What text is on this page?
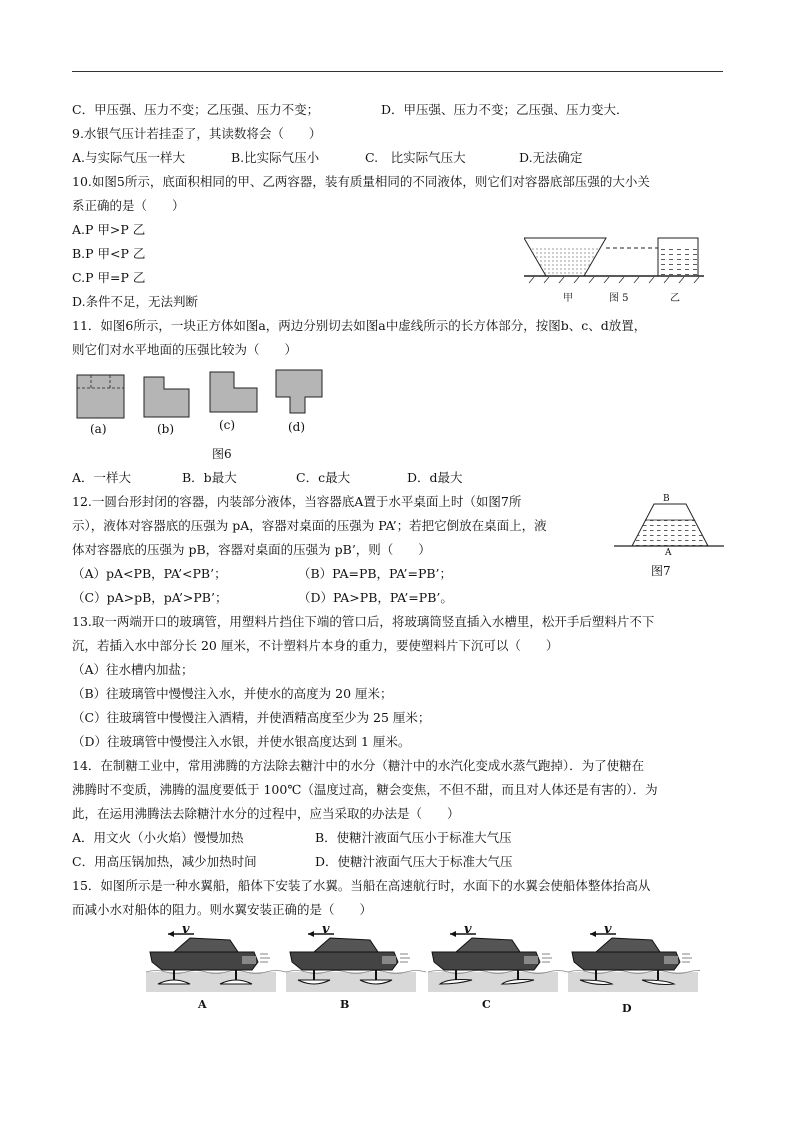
C．甲压强、压力不变；乙压强、压力不变；	D．甲压强、压力不变；乙压强、压力变大．
9.水银气压计若挂歪了，其读数将会（　　）
A.与实际气压一样大	B.比实际气压小	C.　比实际气压大	D.无法确定
10.如图5所示，底面积相同的甲、乙两容器，装有质量相同的不同液体，则它们对容器底部压强的大小关
系正确的是（　　）
A.P 甲>P 乙
B.P 甲<P 乙
C.P 甲=P 乙
D.条件不足，无法判断	甲	图 5	乙
11．如图6所示，一块正方体如图a，两边分别切去如图a中虚线所示的长方体部分，按图b、c、d放置，
则它们对水平地面的压强比较为（　　）
(a)	(b)	(c)	(d)
图6
A．一样大	B．b最大	C．c最大	D．d最大
12.一圆台形封闭的容器，内装部分液体，当容器底A置于水平桌面上时（如图7所
示），液体对容器底的压强为 pA，容器对桌面的压强为 PA’；若把它倒放在桌面上，液
体对容器底的压强为 pB，容器对桌面的压强为 pB’，则（　　）
（A）pA<PB，PA’<PB’；	（B）PA=PB，PA’=PB’；
（C）pA>pB，pA’>PB’；	（D）PA>PB，PA’=PB’。
B
A
图7
13.取一两端开口的玻璃管，用塑料片挡住下端的管口后，将玻璃筒竖直插入水槽里，松开手后塑料片不下
沉，若插入水中部分长 20 厘米，不计塑料片本身的重力，要使塑料片下沉可以（　　）
（A）往水槽内加盐；
（B）往玻璃管中慢慢注入水，并使水的高度为 20 厘米；
（C）往玻璃管中慢慢注入酒精，并使酒精高度至少为 25 厘米；
（D）往玻璃管中慢慢注入水银，并使水银高度达到 1 厘米。
14．在制糖工业中，常用沸腾的方法除去糖汁中的水分（糖汁中的水汽化变成水蒸气跑掉）．为了使糖在
沸腾时不变质，沸腾的温度要低于 100℃（温度过高，糖会变焦，不但不甜，而且对人体还是有害的）．为
此，在运用沸腾法去除糖汁水分的过程中，应当采取的办法是（　　）
A．用文火（小火焰）慢慢加热	B．使糖汁液面气压小于标准大气压
C．用高压锅加热，减少加热时间	D．使糖汁液面气压大于标准大气压
15．如图所示是一种水翼船，船体下安装了水翼。当船在高速航行时，水面下的水翼会使船体整体抬高从
而减小水对船体的阻力。则水翼安装正确的是（　　）
v	v	v	v
A	B	C	D
